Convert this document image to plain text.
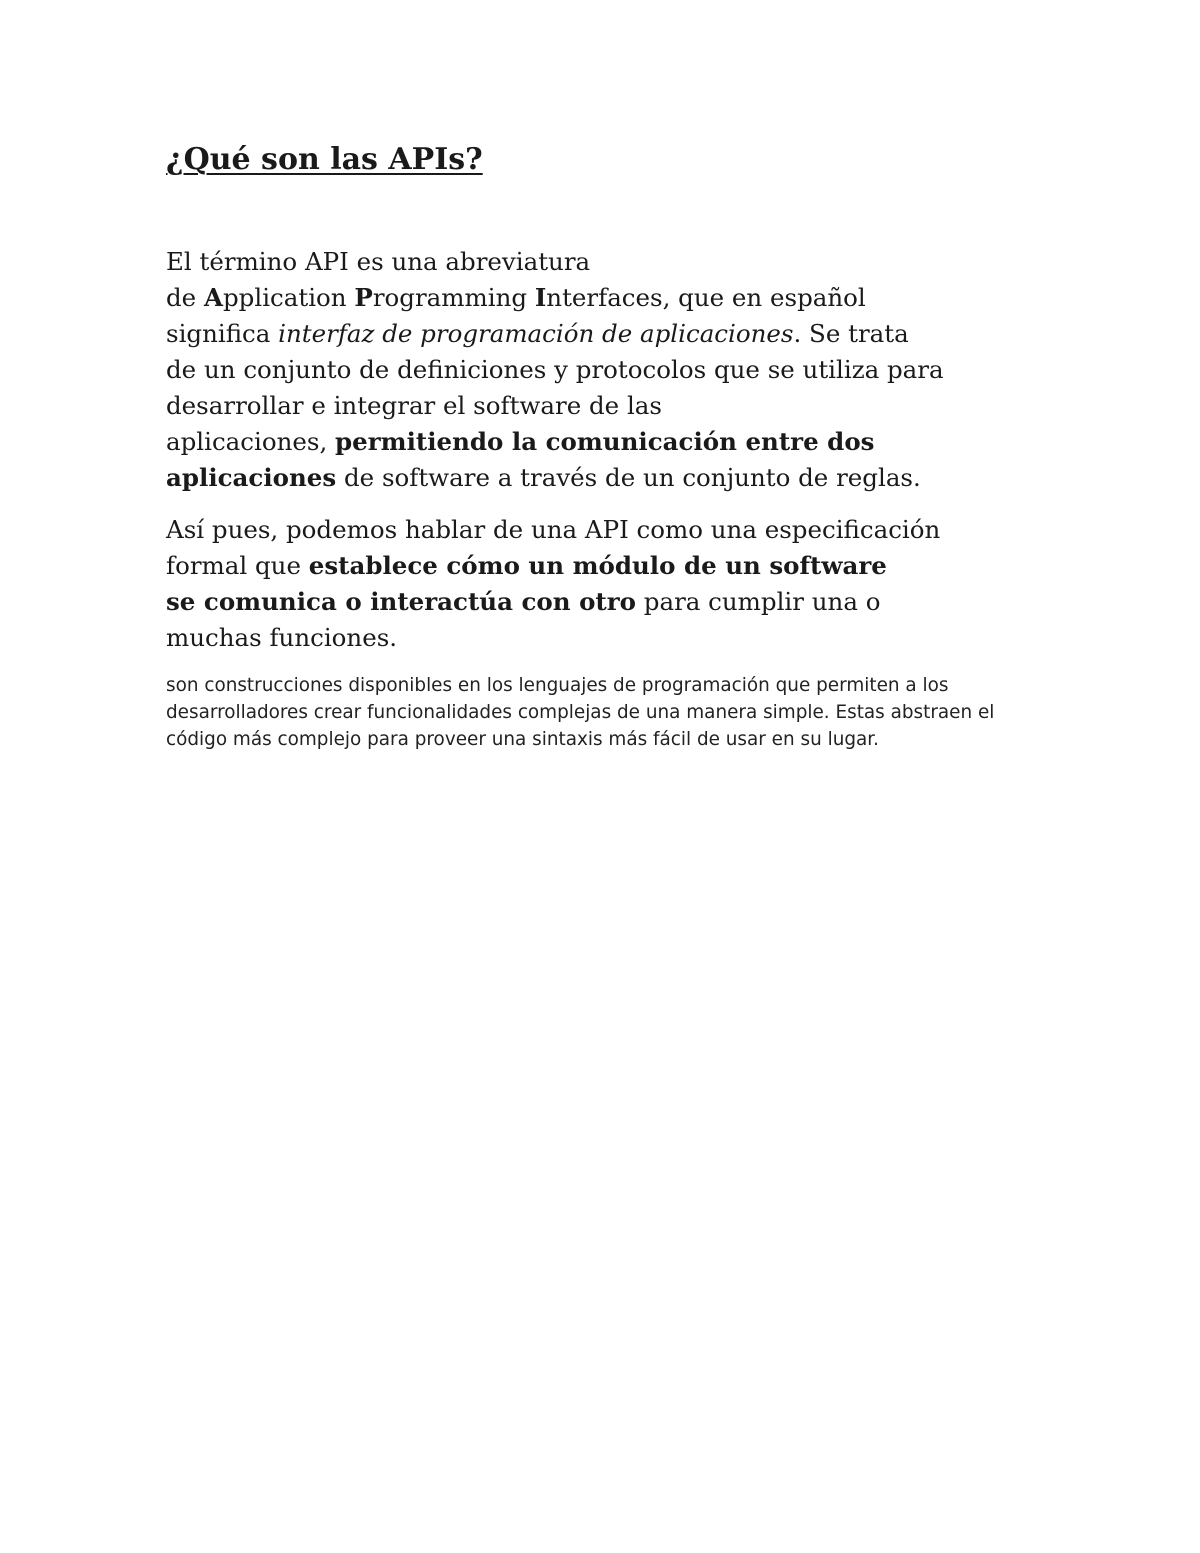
¿Qué son las APIs?

El término API es una abreviatura
de Application Programming Interfaces, que en español
significa interfaz de programación de aplicaciones. Se trata
de un conjunto de definiciones y protocolos que se utiliza para
desarrollar e integrar el software de las
aplicaciones, permitiendo la comunicación entre dos
aplicaciones de software a través de un conjunto de reglas.

Así pues, podemos hablar de una API como una especificación
formal que establece cómo un módulo de un software
se comunica o interactúa con otro para cumplir una o
muchas funciones.

son construcciones disponibles en los lenguajes de programación que permiten a los desarrolladores crear funcionalidades complejas de una manera simple. Estas abstraen el código más complejo para proveer una sintaxis más fácil de usar en su lugar.
